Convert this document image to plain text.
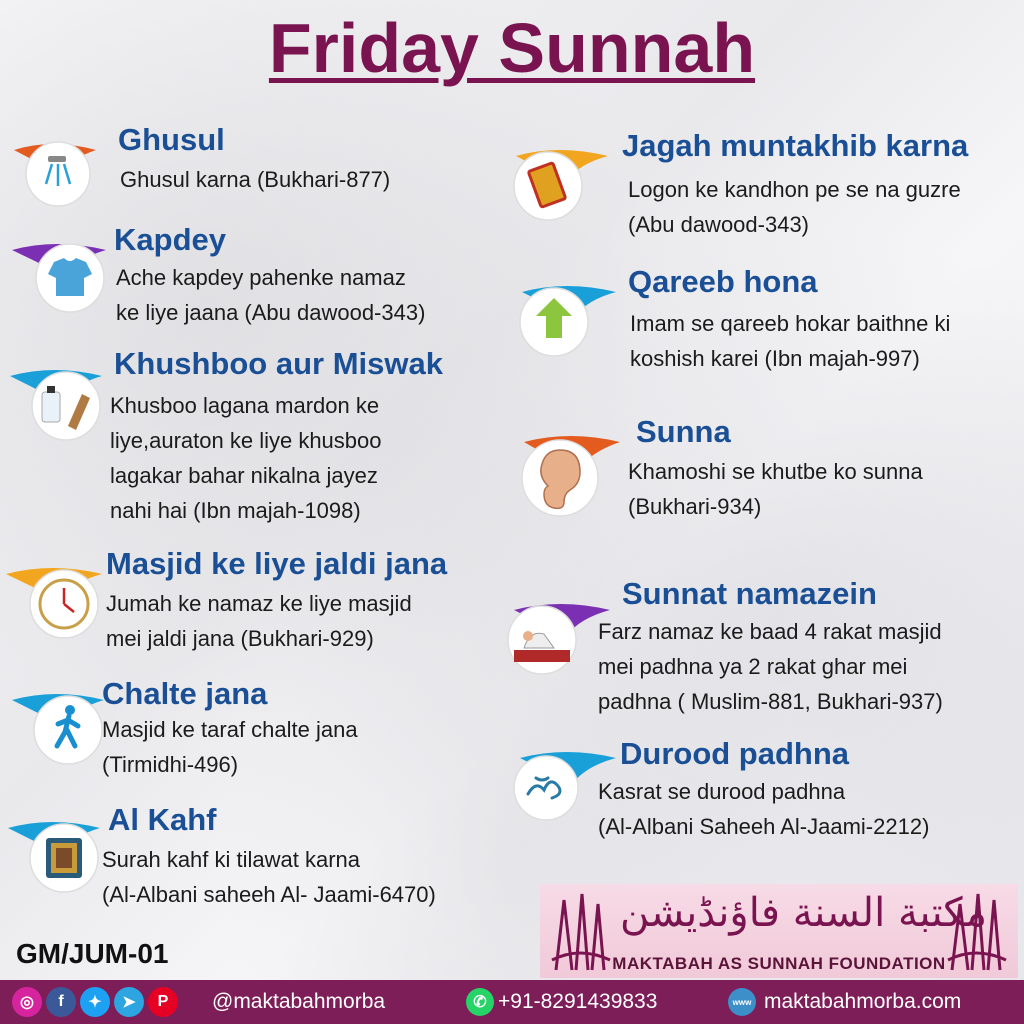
Friday Sunnah
Ghusul
Ghusul karna (Bukhari-877)
Kapdey
Ache kapdey pahenke namaz
ke liye jaana (Abu dawood-343)
Khushboo aur Miswak
Khusboo lagana mardon ke
liye,auraton ke liye khusboo
lagakar bahar nikalna jayez
nahi hai (Ibn majah-1098)
Masjid ke liye jaldi jana
Jumah ke namaz ke liye masjid
mei jaldi jana (Bukhari-929)
Chalte jana
Masjid ke taraf chalte jana
(Tirmidhi-496)
Al Kahf
Surah kahf ki tilawat karna
(Al-Albani saheeh Al- Jaami-6470)
Jagah muntakhib karna
Logon ke kandhon pe se na guzre
(Abu dawood-343)
Qareeb hona
Imam se qareeb hokar baithne ki
koshish karei (Ibn majah-997)
Sunna
Khamoshi se khutbe ko sunna
(Bukhari-934)
Sunnat namazein
Farz namaz ke baad 4 rakat masjid
mei padhna ya 2 rakat ghar mei
padhna ( Muslim-881, Bukhari-937)
Durood padhna
Kasrat se durood padhna
(Al-Albani Saheeh Al-Jaami-2212)
GM/JUM-01
مكتبة السنة فاؤنڈيشن
MAKTABAH AS SUNNAH FOUNDATION
◎	f	✦	➤	P	@maktabahmorba	✆ +91-8291439833	www maktabahmorba.com
